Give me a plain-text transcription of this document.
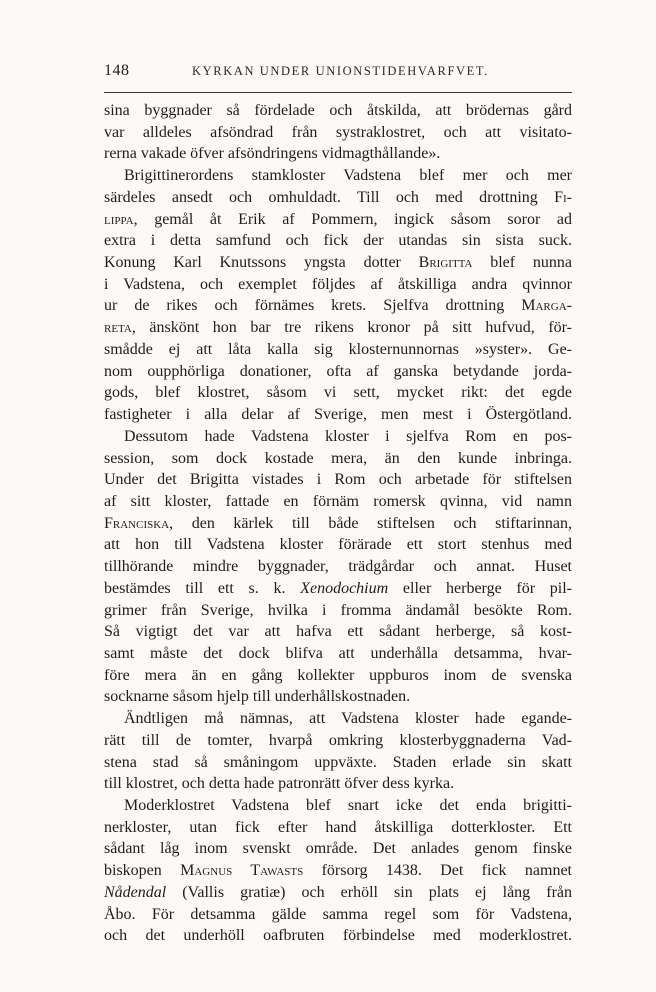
148	KYRKAN UNDER UNIONSTIDEHVARFVET.
sina byggnader så fördelade och åtskilda, att brödernas gård
var alldeles afsöndrad från systraklostret, och att visitato-
rerna vakade öfver afsöndringens vidmagthållande».
Brigittinerordens stamkloster Vadstena blef mer och mer
särdeles ansedt och omhuldadt. Till och med drottning Fi-
lippa, gemål åt Erik af Pommern, ingick såsom soror ad
extra i detta samfund och fick der utandas sin sista suck.
Konung Karl Knutssons yngsta dotter Brigitta blef nunna
i Vadstena, och exemplet följdes af åtskilliga andra qvinnor
ur de rikes och förnämes krets. Sjelfva drottning Marga-
reta, änskönt hon bar tre rikens kronor på sitt hufvud, för-
smådde ej att låta kalla sig klosternunnornas »syster». Ge-
nom oupphörliga donationer, ofta af ganska betydande jorda-
gods, blef klostret, såsom vi sett, mycket rikt: det egde
fastigheter i alla delar af Sverige, men mest i Östergötland.
Dessutom hade Vadstena kloster i sjelfva Rom en pos-
session, som dock kostade mera, än den kunde inbringa.
Under det Brigitta vistades i Rom och arbetade för stiftelsen
af sitt kloster, fattade en förnäm romersk qvinna, vid namn
Franciska, den kärlek till både stiftelsen och stiftarinnan,
att hon till Vadstena kloster förärade ett stort stenhus med
tillhörande mindre byggnader, trädgårdar och annat. Huset
bestämdes till ett s. k. Xenodochium eller herberge för pil-
grimer från Sverige, hvilka i fromma ändamål besökte Rom.
Så vigtigt det var att hafva ett sådant herberge, så kost-
samt måste det dock blifva att underhålla detsamma, hvar-
före mera än en gång kollekter uppburos inom de svenska
socknarne såsom hjelp till underhållskostnaden.
Ändtligen må nämnas, att Vadstena kloster hade egande-
rätt till de tomter, hvarpå omkring klosterbyggnaderna Vad-
stena stad så småningom uppväxte. Staden erlade sin skatt
till klostret, och detta hade patronrätt öfver dess kyrka.
Moderklostret Vadstena blef snart icke det enda brigitti-
nerkloster, utan fick efter hand åtskilliga dotterkloster. Ett
sådant låg inom svenskt område. Det anlades genom finske
biskopen Magnus Tawasts försorg 1438. Det fick namnet
Nådendal (Vallis gratiæ) och erhöll sin plats ej lång från
Åbo. För detsamma gälde samma regel som för Vadstena,
och det underhöll oafbruten förbindelse med moderklostret.
